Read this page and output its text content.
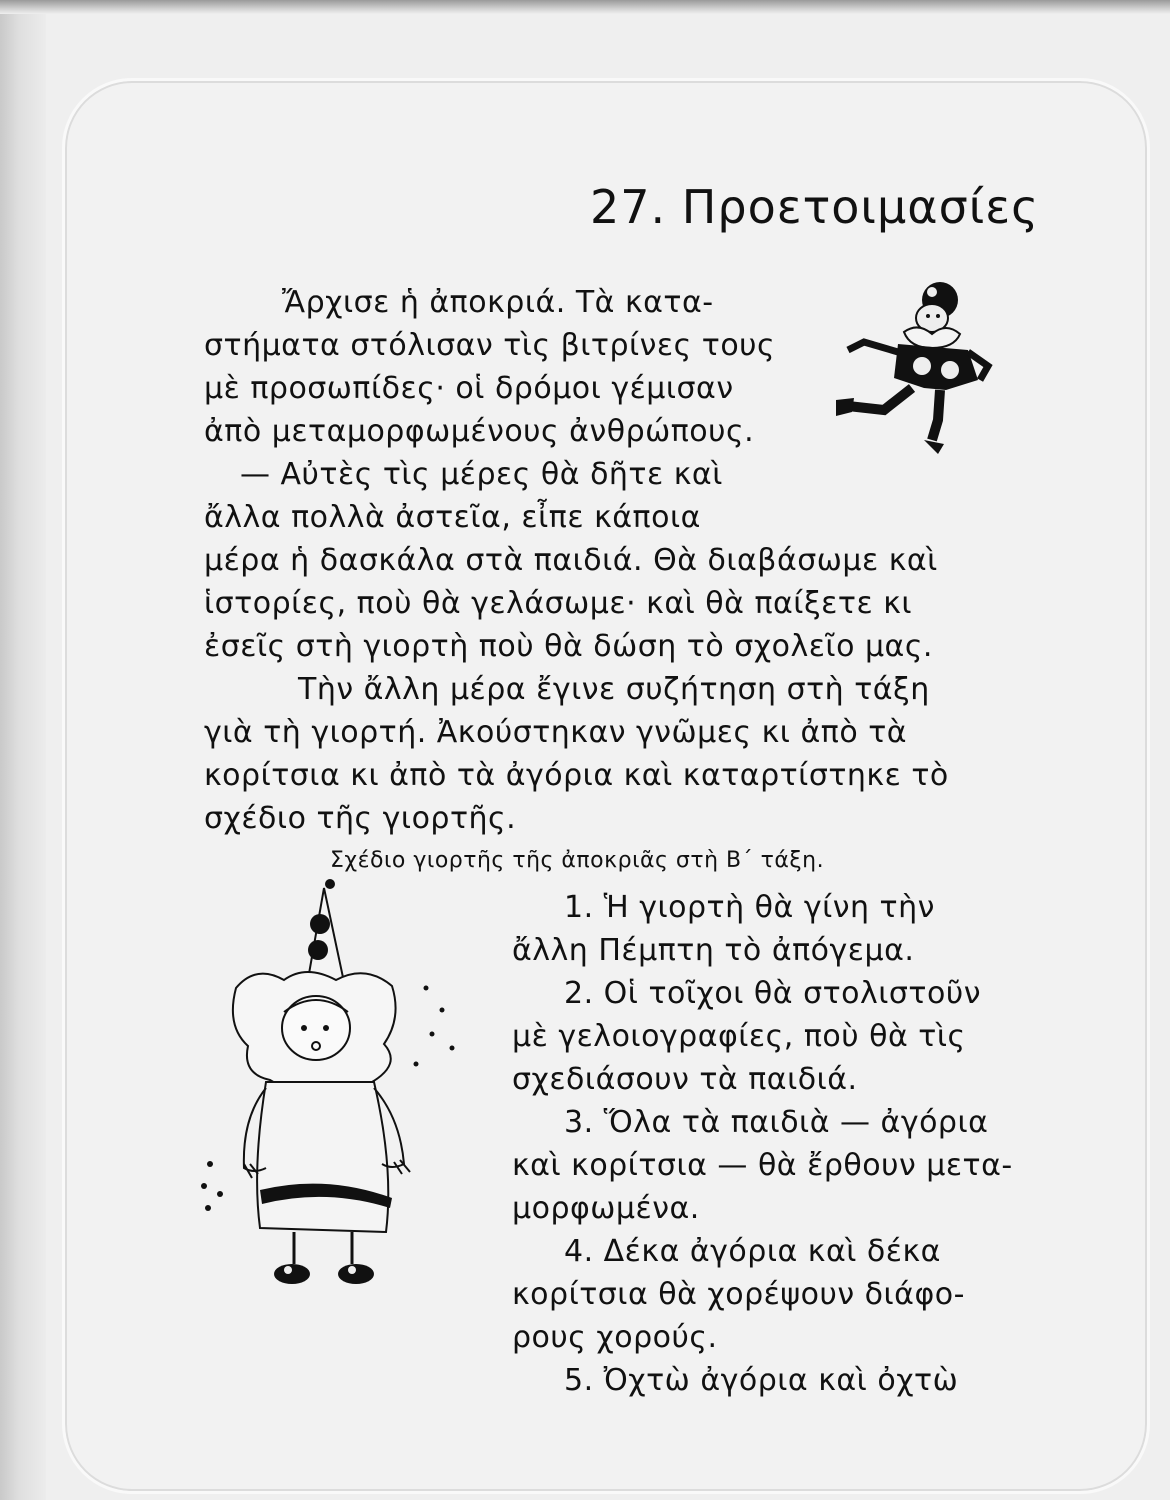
27. Προετοιμασίες
Ἄρχισε ἡ ἀποκριά. Τὰ κατα-
στήματα στόλισαν τὶς βιτρίνες τους
μὲ προσωπίδες· οἱ δρόμοι γέμισαν
ἀπὸ μεταμορφωμένους ἀνθρώπους.
— Αὐτὲς τὶς μέρες θὰ δῆτε καὶ
ἄλλα πολλὰ ἀστεῖα, εἶπε κάποια
μέρα ἡ δασκάλα στὰ παιδιά. Θὰ διαβάσωμε καὶ
ἱστορίες, ποὺ θὰ γελάσωμε· καὶ θὰ παίξετε κι
ἐσεῖς στὴ γιορτὴ ποὺ θὰ δώση τὸ σχολεῖο μας.
Τὴν ἄλλη μέρα ἔγινε συζήτηση στὴ τάξη
γιὰ τὴ γιορτή. Ἀκούστηκαν γνῶμες κι ἀπὸ τὰ
κορίτσια κι ἀπὸ τὰ ἀγόρια καὶ καταρτίστηκε τὸ
σχέδιο τῆς γιορτῆς.
Σχέδιο γιορτῆς τῆς ἀποκριᾶς στὴ Β΄ τάξη.
1. Ἡ γιορτὴ θὰ γίνη τὴν
ἄλλη Πέμπτη τὸ ἀπόγεμα.
2. Οἱ τοῖχοι θὰ στολιστοῦν
μὲ γελοιογραφίες, ποὺ θὰ τὶς
σχεδιάσουν τὰ παιδιά.
3. Ὅλα τὰ παιδιὰ — ἀγόρια
καὶ κορίτσια — θὰ ἔρθουν μετα-
μορφωμένα.
4. Δέκα ἀγόρια καὶ δέκα
κορίτσια θὰ χορέψουν διάφο-
ρους χορούς.
5. Ὀχτὼ ἀγόρια καὶ ὀχτὼ
